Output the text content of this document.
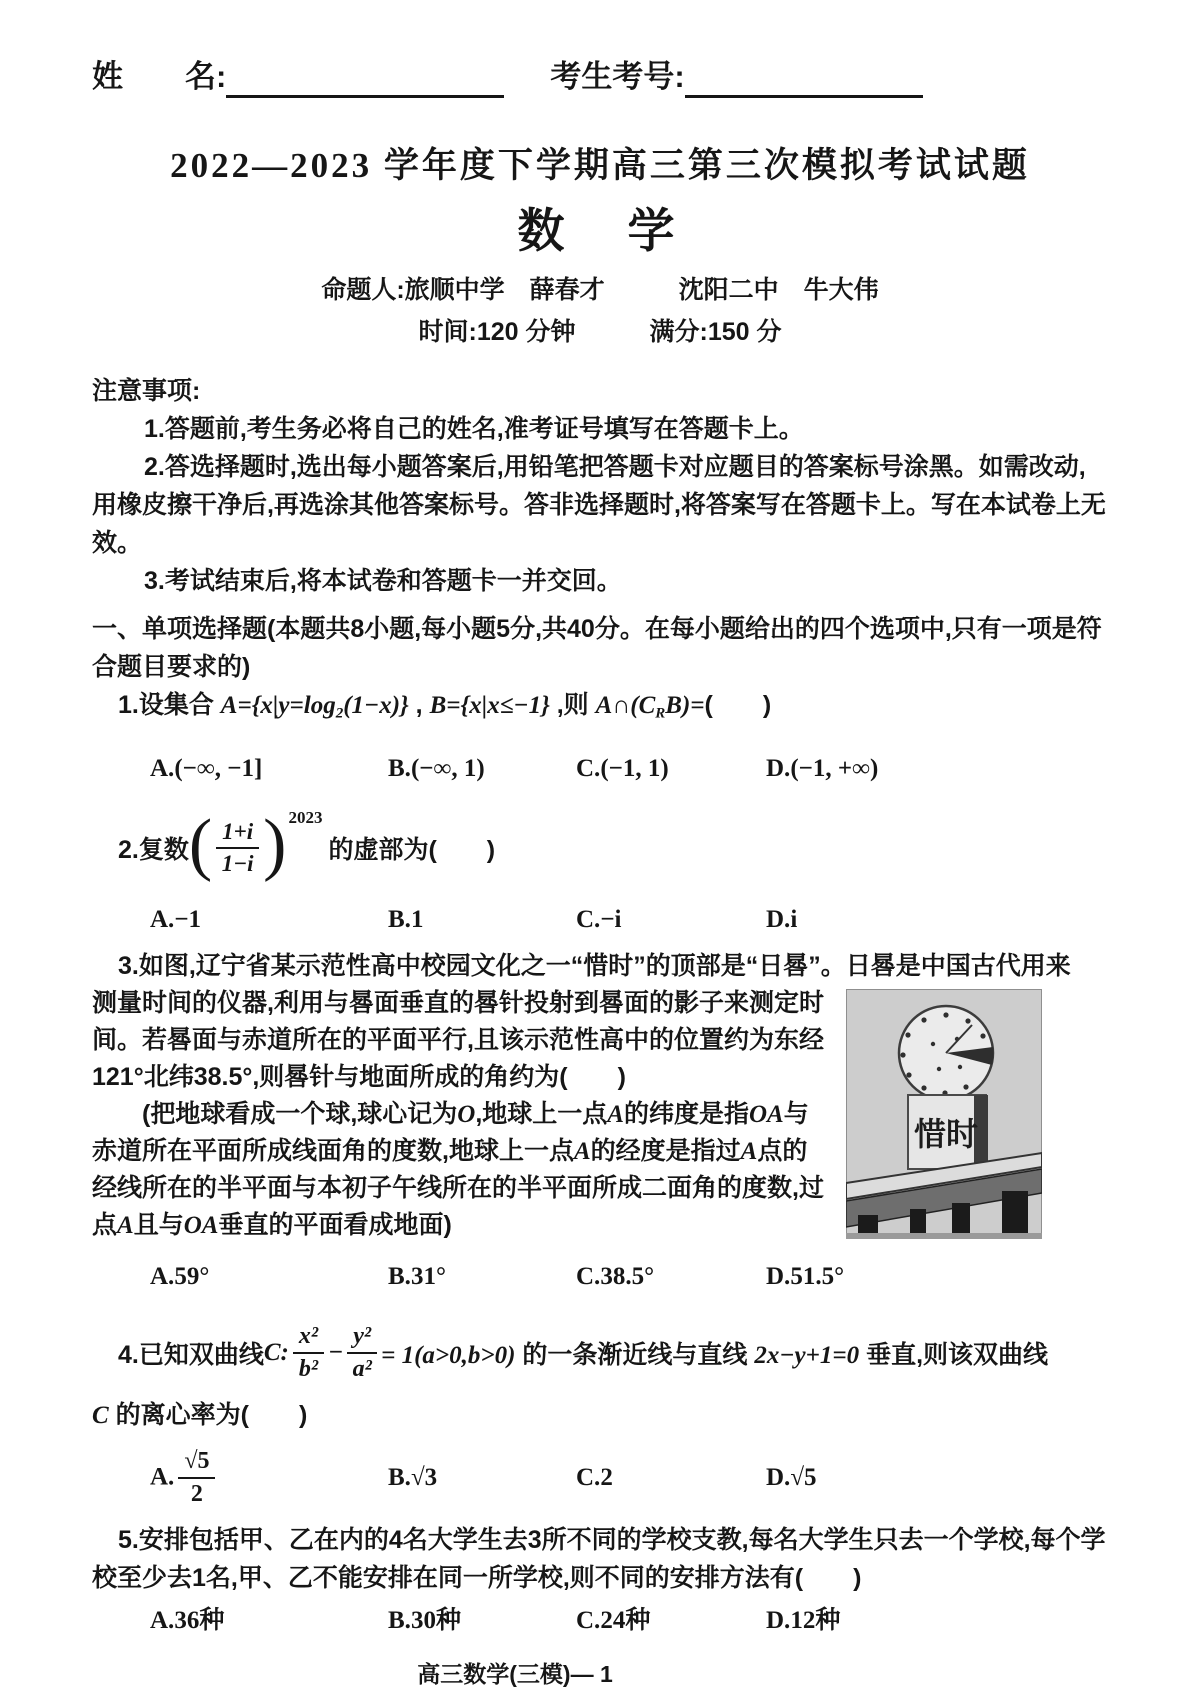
姓　　名:	考生考号:
2022—2023 学年度下学期高三第三次模拟考试试题
数　学
命题人:旅顺中学　薛春才	沈阳二中　牛大伟
时间:120 分钟	满分:150 分
注意事项:

1.答题前,考生务必将自己的姓名,准考证号填写在答题卡上。

2.答选择题时,选出每小题答案后,用铅笔把答题卡对应题目的答案标号涂黑。如需改动,用橡皮擦干净后,再选涂其他答案标号。答非选择题时,将答案写在答题卡上。写在本试卷上无效。

3.考试结束后,将本试卷和答题卡一并交回。

一、单项选择题(本题共8小题,每小题5分,共40分。在每小题给出的四个选项中,只有一项是符合题目要求的)

1.设集合 A={x|y=log2(1−x)} , B={x|x≤−1} ,则 A∩(CRB)=(　　)

A.(−∞, −1]	B.(−∞, 1)	C.(−1, 1)	D.(−1, +∞)
2.复数 ( $\frac{1+i}{1-i}$ ) 2023
的虚部为(　　)
A.−1	B.1	C.−i	D.i

3.如图,辽宁省某示范性高中校园文化之一“惜时”的顶部是“日晷”。日晷是中国古代用来

惜时

测量时间的仪器,利用与晷面垂直的晷针投射到晷面的影子来测定时间。若晷面与赤道所在的平面平行,且该示范性高中的位置约为东经121°北纬38.5°,则晷针与地面所成的角约为(　　)

(把地球看成一个球,球心记为O,地球上一点A的纬度是指OA与赤道所在平面所成线面角的度数,地球上一点A的经度是指过A点的经线所在的半平面与本初子午线所在的半平面所成二面角的度数,过点A且与OA垂直的平面看成地面)

A.59°	B.31°	C.38.5°	D.51.5°
4.已知双曲线 C : $\frac{\text{x²}}{\text{b²}} - \frac{\text{y²}}{\text{a²}} = 1(a>0,b>0)$ 的一条渐近线与直线 2x−y+1=0 垂直,则该双曲线
C 的离心率为(　　)
A. $\frac{√5}{2}$	B.√3	C.2	D.√5

5.安排包括甲、乙在内的4名大学生去3所不同的学校支教,每名大学生只去一个学校,每个学校至少去1名,甲、乙不能安排在同一所学校,则不同的安排方法有(　　)

A.36种	B.30种	C.24种	D.12种
高三数学(三模)— 1
